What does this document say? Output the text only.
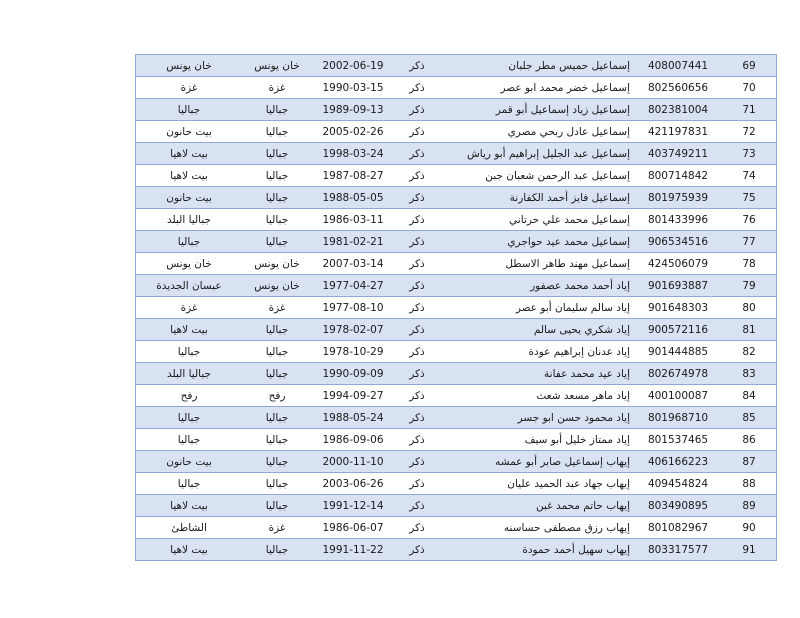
69	408007441	إسماعيل حميس مطر جلبان	ذكر	2002-06-19	خان يونس	خان يونس
70	802560656	إسماعيل خضر محمد ابو عصر	ذكر	1990-03-15	غزة	غزة
71	802381004	إسماعيل زياد إسماعيل أبو قمر	ذكر	1989-09-13	جباليا	جباليا
72	421197831	إسماعيل عادل ربحي مصري	ذكر	2005-02-26	جباليا	بيت حانون
73	403749211	إسماعيل عبد الجليل إبراهيم أبو رياش	ذكر	1998-03-24	جباليا	بيت لاهيا
74	800714842	إسماعيل عبد الرحمن شعبان جبن	ذكر	1987-08-27	جباليا	بيت لاهيا
75	801975939	إسماعيل فايز أحمد الكفارنة	ذكر	1988-05-05	جباليا	بيت حانون
76	801433996	إسماعيل محمد علي حرتاني	ذكر	1986-03-11	جباليا	جباليا البلد
77	906534516	إسماعيل محمد عيد حواجري	ذكر	1981-02-21	جباليا	جباليا
78	424506079	إسماعيل مهند طاهر الاسطل	ذكر	2007-03-14	خان يونس	خان يونس
79	901693887	إياد أحمد محمد عصفور	ذكر	1977-04-27	خان يونس	عبسان الجديدة
80	901648303	إياد سالم سليمان أبو عصر	ذكر	1977-08-10	غزة	غزة
81	900572116	إياد شكري يحيى سالم	ذكر	1978-02-07	جباليا	بيت لاهيا
82	901444885	إياد عدنان إبراهيم عودة	ذكر	1978-10-29	جباليا	جباليا
83	802674978	إياد عيد محمد عفانة	ذكر	1990-09-09	جباليا	جباليا البلد
84	400100087	إياد ماهر مسعد شعث	ذكر	1994-09-27	رفح	رفح
85	801968710	إياد محمود حسن ابو جسر	ذكر	1988-05-24	جباليا	جباليا
86	801537465	إياد ممتاز خليل أبو سيف	ذكر	1986-09-06	جباليا	جباليا
87	406166223	إيهاب إسماعيل صابر أبو عمشه	ذكر	2000-11-10	جباليا	بيت حانون
88	409454824	إيهاب جهاد عبد الحميد عليان	ذكر	2003-06-26	جباليا	جباليا
89	803490895	إيهاب حاتم محمد غبن	ذكر	1991-12-14	جباليا	بيت لاهيا
90	801082967	إيهاب رزق مصطفى حساسنه	ذكر	1986-06-07	غزة	الشاطئ
91	803317577	إيهاب سهيل أحمد حمودة	ذكر	1991-11-22	جباليا	بيت لاهيا
